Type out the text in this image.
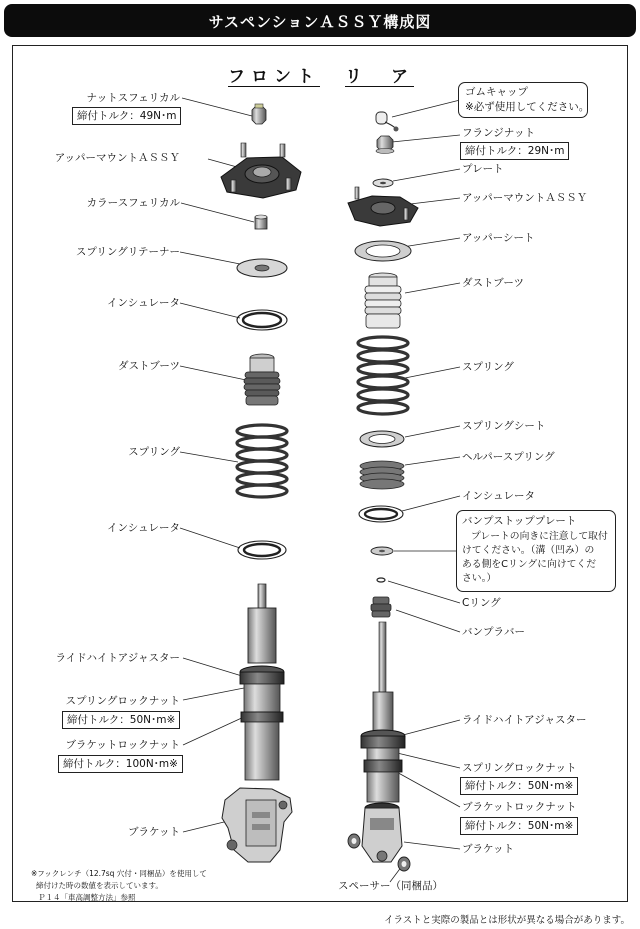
サスペンションＡＳＳＹ構成図
フロント リ　ア
ナットスフェリカル
締付トルク：49N･m
アッパーマウントＡＳＳＹ
カラースフェリカル
スプリングリテーナー
インシュレータ
ダストブーツ
スプリング
インシュレータ
ライドハイトアジャスター
スプリングロックナット
締付トルク：50N･m※
ブラケットロックナット
締付トルク：100N･m※
ブラケット
ゴムキャップ
※必ず使用してください。
フランジナット
締付トルク：29N･m
プレート
アッパーマウントＡＳＳＹ
アッパーシート
ダストブーツ
スプリング
スプリングシート
ヘルパースプリング
インシュレータ
バンプストッププレート
プレートの向きに注意して取付
けてください。（溝（凹み）の
ある側をCリングに向けてくだ
さい。）
Cリング
バンプラバー
ライドハイトアジャスター
スプリングロックナット
締付トルク：50N･m※
ブラケットロックナット
締付トルク：50N･m※
ブラケット
スペーサー（同梱品）
※フックレンチ（12.7sq 穴付・同梱品）を使用して
締付けた時の数値を表示しています。
Ｐ１４「車高調整方法」参照
イラストと実際の製品とは形状が異なる場合があります。
